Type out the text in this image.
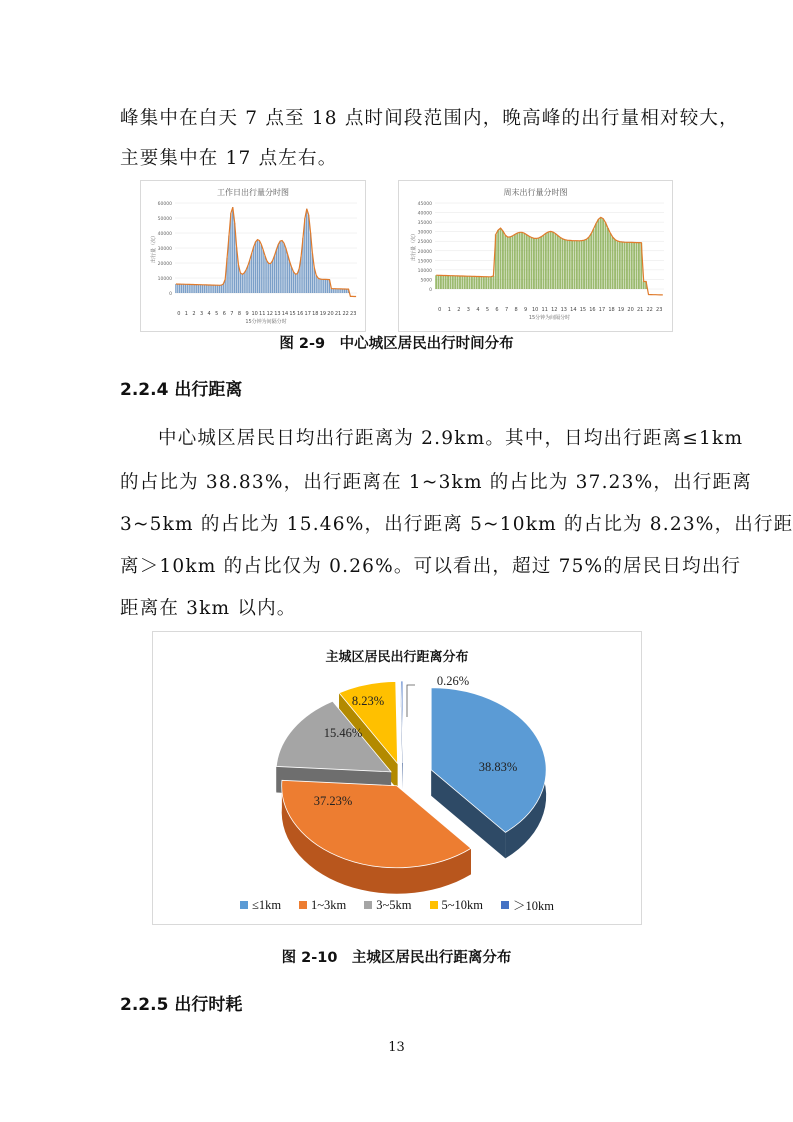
峰集中在白天 7 点至 18 点时间段范围内，晚高峰的出行量相对较大，
主要集中在 17 点左右。
工作日出行量分时图
60000
50000
40000
30000
20000
10000
0
出行量（次）
0 1 2 3 4 5 6 7 8 9 10 11 12 13 14 15 16 17 18 19 20 21 22 23
15分钟为间隔分时
周末出行量分时图
45000
40000
35000
30000
25000
20000
15000
10000
5000
0
出行量（次）
0 1 2 3 4 5 6 7 8 9 10 11 12 13 14 15 16 17 18 19 20 21 22 23
15分钟为间隔分时
图 2-9　中心城区居民出行时间分布
2.2.4 出行距离
中心城区居民日均出行距离为 2.9km。其中，日均出行距离≤1km
的占比为 38.83%，出行距离在 1~3km 的占比为 37.23%，出行距离
3~5km 的占比为 15.46%，出行距离 5~10km 的占比为 8.23%，出行距
离＞10km 的占比仅为 0.26%。可以看出，超过 75%的居民日均出行
距离在 3km 以内。
主城区居民出行距离分布
8.23%
0.26%
15.46%
38.83%
37.23%
≤1km 1~3km 3~5km 5~10km ＞10km
图 2-10　主城区居民出行距离分布
2.2.5 出行时耗
13
